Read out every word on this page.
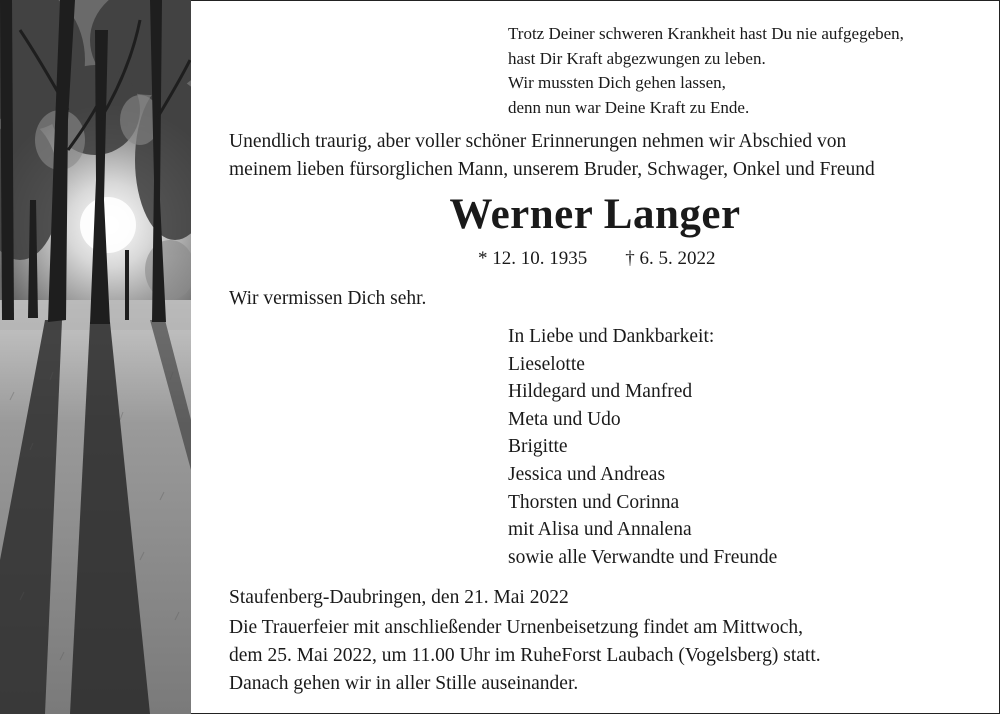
Trotz Deiner schweren Krankheit hast Du nie aufgegeben,
hast Dir Kraft abgezwungen zu leben.
Wir mussten Dich gehen lassen,
denn nun war Deine Kraft zu Ende.
Unendlich traurig, aber voller schöner Erinnerungen nehmen wir Abschied von
meinem lieben fürsorglichen Mann, unserem Bruder, Schwager, Onkel und Freund
Werner Langer
* 12. 10. 1935 † 6. 5. 2022
Wir vermissen Dich sehr.
In Liebe und Dankbarkeit:
Lieselotte
Hildegard und Manfred
Meta und Udo
Brigitte
Jessica und Andreas
Thorsten und Corinna
mit Alisa und Annalena
sowie alle Verwandte und Freunde
Staufenberg-Daubringen, den 21. Mai 2022
Die Trauerfeier mit anschließender Urnenbeisetzung findet am Mittwoch,
dem 25. Mai 2022, um 11.00 Uhr im RuheForst Laubach (Vogelsberg) statt.
Danach gehen wir in aller Stille auseinander.
